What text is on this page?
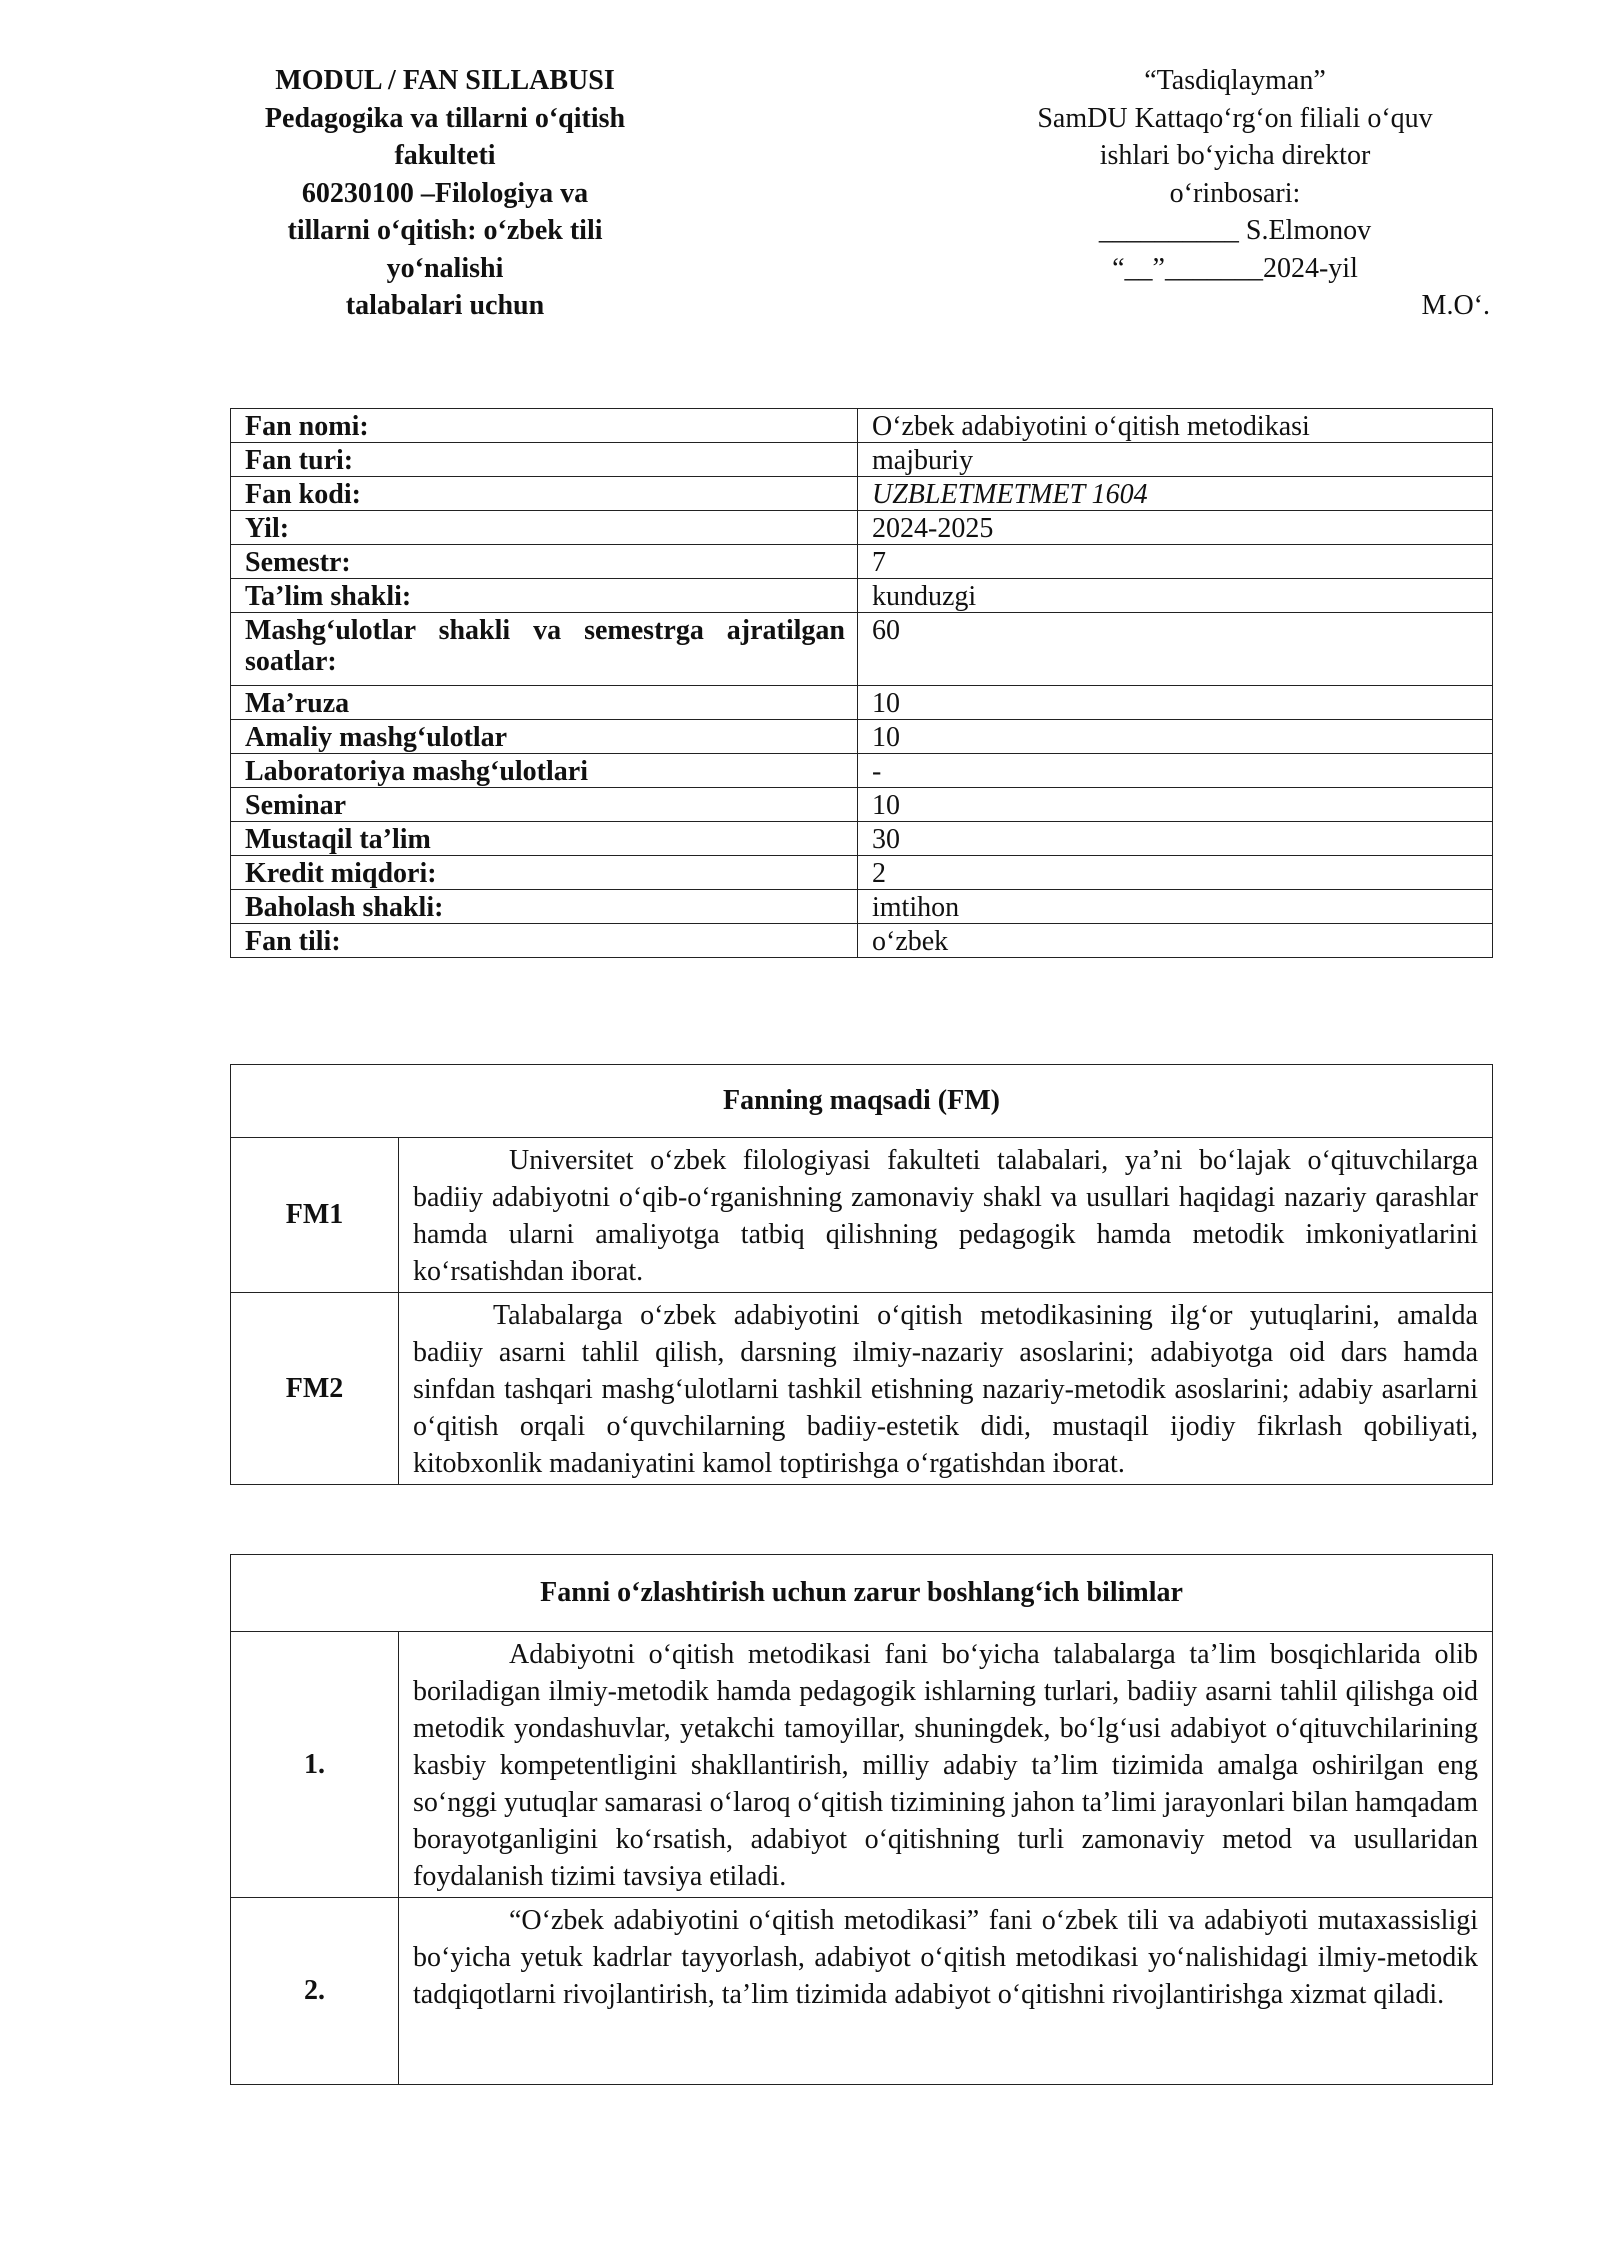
MODUL / FAN SILLABUSI
Pedagogika va tillarni o‘qitish
fakulteti
60230100 –Filologiya va
tillarni o‘qitish: o‘zbek tili
yo‘nalishi
talabalari uchun
“Tasdiqlayman”
SamDU Kattaqo‘rg‘on filiali o‘quv
ishlari bo‘yicha direktor
o‘rinbosari:
__________ S.Elmonov
“__”_______2024-yil
M.O‘.
Fan nomi:	O‘zbek adabiyotini o‘qitish metodikasi
Fan turi:	majburiy
Fan kodi:	UZBLETMETMET 1604
Yil:	2024-2025
Semestr:	7
Ta’lim shakli:	kunduzgi
Mashg‘ulotlar shakli va semestrga ajratilgan soatlar:	60
Ma’ruza	10
Amaliy mashg‘ulotlar	10
Laboratoriya mashg‘ulotlari	-
Seminar	10
Mustaqil ta’lim	30
Kredit miqdori:	2
Baholash shakli:	imtihon
Fan tili:	o‘zbek
Fanning maqsadi (FM)	
FM1	Universitet o‘zbek filologiyasi fakulteti talabalari, ya’ni bo‘lajak o‘qituvchilarga badiiy adabiyotni o‘qib-o‘rganishning zamonaviy shakl va usullari haqidagi nazariy qarashlar hamda ularni amaliyotga tatbiq qilishning pedagogik hamda metodik imkoniyatlarini ko‘rsatishdan iborat.

FM2	Talabalarga o‘zbek adabiyotini o‘qitish metodikasining ilg‘or yutuqlarini, amalda badiiy asarni tahlil qilish, darsning ilmiy-nazariy asoslarini; adabiyotga oid dars hamda sinfdan tashqari mashg‘ulotlarni tashkil etishning nazariy-metodik asoslarini; adabiy asarlarni o‘qitish orqali o‘quvchilarning badiiy-estetik didi, mustaqil ijodiy fikrlash qobiliyati, kitobxonlik madaniyatini kamol toptirishga o‘rgatishdan iborat.

Fanni o‘zlashtirish uchun zarur boshlang‘ich bilimlar	
1.	Adabiyotni o‘qitish metodikasi fani bo‘yicha talabalarga ta’lim bosqichlarida olib boriladigan ilmiy-metodik hamda pedagogik ishlarning turlari, badiiy asarni tahlil qilishga oid metodik yondashuvlar, yetakchi tamoyillar, shuningdek, bo‘lg‘usi adabiyot o‘qituvchilarining kasbiy kompetentligini shakllantirish, milliy adabiy ta’lim tizimida amalga oshirilgan eng so‘nggi yutuqlar samarasi o‘laroq o‘qitish tizimining jahon ta’limi jarayonlari bilan hamqadam borayotganligini ko‘rsatish, adabiyot o‘qitishning turli zamonaviy metod va usullaridan foydalanish tizimi tavsiya etiladi.

2.	“O‘zbek adabiyotini o‘qitish metodikasi” fani o‘zbek tili va adabiyoti mutaxassisligi bo‘yicha yetuk kadrlar tayyorlash, adabiyot o‘qitish metodikasi yo‘nalishidagi ilmiy-metodik tadqiqotlarni rivojlantirish, ta’lim tizimida adabiyot o‘qitishni rivojlantirishga xizmat qiladi.
